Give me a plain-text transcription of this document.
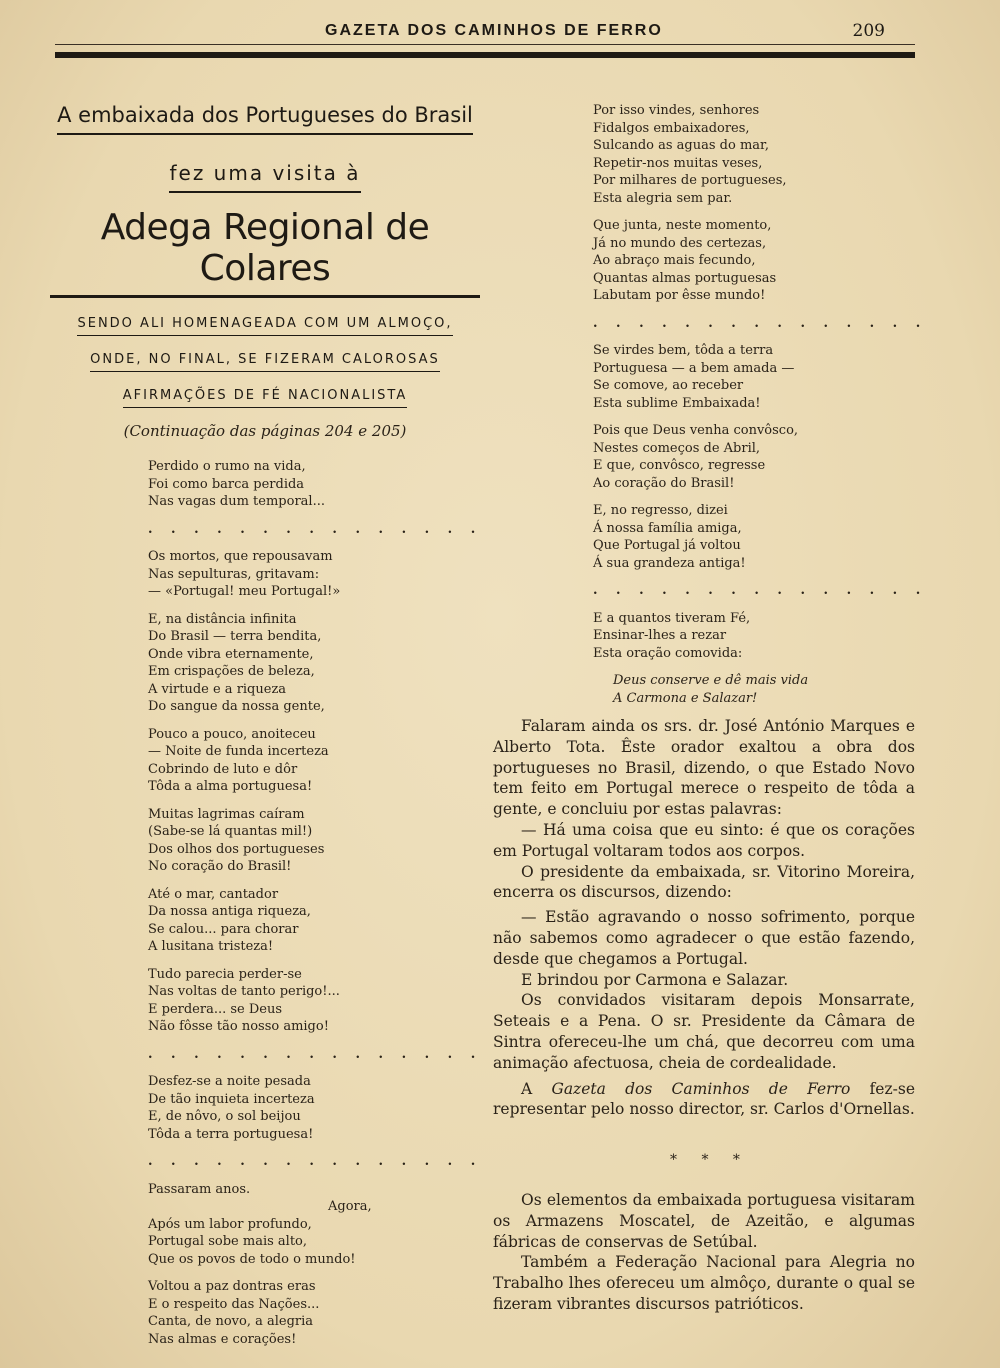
GAZETA DOS CAMINHOS DE FERRO	209
A embaixada dos Portugueses do Brasil
fez uma visita à
Adega Regional de Colares
SENDO ALI HOMENAGEADA COM UM ALMOÇO,
ONDE, NO FINAL, SE FIZERAM CALOROSAS
AFIRMAÇÕES DE FÉ NACIONALISTA
(Continuação das páginas 204 e 205)
Perdido o rumo na vida,
Foi como barca perdida
Nas vagas dum temporal...
. . . . . . . . . . . . . . .
Os mortos, que repousavam
Nas sepulturas, gritavam:
— «Portugal! meu Portugal!»
E, na distância infinita
Do Brasil — terra bendita,
Onde vibra eternamente,
Em crispações de beleza,
A virtude e a riqueza
Do sangue da nossa gente,
Pouco a pouco, anoiteceu
— Noite de funda incerteza
Cobrindo de luto e dôr
Tôda a alma portuguesa!
Muitas lagrimas caíram
(Sabe-se lá quantas mil!)
Dos olhos dos portugueses
No coração do Brasil!
Até o mar, cantador
Da nossa antiga riqueza,
Se calou... para chorar
A lusitana tristeza!
Tudo parecia perder-se
Nas voltas de tanto perigo!...
E perdera... se Deus
Não fôsse tão nosso amigo!
. . . . . . . . . . . . . . .
Desfez-se a noite pesada
De tão inquieta incerteza
E, de nôvo, o sol beijou
Tôda a terra portuguesa!
. . . . . . . . . . . . . . .
Passaram anos.
Agora,
Após um labor profundo,
Portugal sobe mais alto,
Que os povos de todo o mundo!
Voltou a paz dontras eras
E o respeito das Nações...
Canta, de novo, a alegria
Nas almas e corações!
Por isso vindes, senhores
Fidalgos embaixadores,
Sulcando as aguas do mar,
Repetir-nos muitas veses,
Por milhares de portugueses,
Esta alegria sem par.
Que junta, neste momento,
Já no mundo des certezas,
Ao abraço mais fecundo,
Quantas almas portuguesas
Labutam por êsse mundo!
. . . . . . . . . . . . . . .
Se virdes bem, tôda a terra
Portuguesa — a bem amada —
Se comove, ao receber
Esta sublime Embaixada!
Pois que Deus venha convôsco,
Nestes começos de Abril,
E que, convôsco, regresse
Ao coração do Brasil!
E, no regresso, dizei
Á nossa família amiga,
Que Portugal já voltou
Á sua grandeza antiga!
. . . . . . . . . . . . . . .
E a quantos tiveram Fé,
Ensinar-lhes a rezar
Esta oração comovida:
Deus conserve e dê mais vida
A Carmona e Salazar!

Falaram ainda os srs. dr. José António Marques e Alberto Tota. Êste orador exaltou a obra dos portugueses no Brasil, dizendo, o que Estado Novo tem feito em Portugal merece o respeito de tôda a gente, e concluiu por estas palavras:

— Há uma coisa que eu sinto: é que os corações em Portugal voltaram todos aos corpos.

O presidente da embaixada, sr. Vitorino Moreira, encerra os discursos, dizendo:

— Estão agravando o nosso sofrimento, porque não sabemos como agradecer o que estão fazendo, desde que chegamos a Portugal.

E brindou por Carmona e Salazar.

Os convidados visitaram depois Monsarrate, Seteais e a Pena. O sr. Presidente da Câmara de Sintra ofereceu-lhe um chá, que decorreu com uma animação afectuosa, cheia de cordealidade.

A Gazeta dos Caminhos de Ferro fez-se representar pelo nosso director, sr. Carlos d'Ornellas.

* * *

Os elementos da embaixada portuguesa visitaram os Armazens Moscatel, de Azeitão, e algumas fábricas de conservas de Setúbal.

Também a Federação Nacional para Alegria no Trabalho lhes ofereceu um almôço, durante o qual se fizeram vibrantes discursos patrióticos.
